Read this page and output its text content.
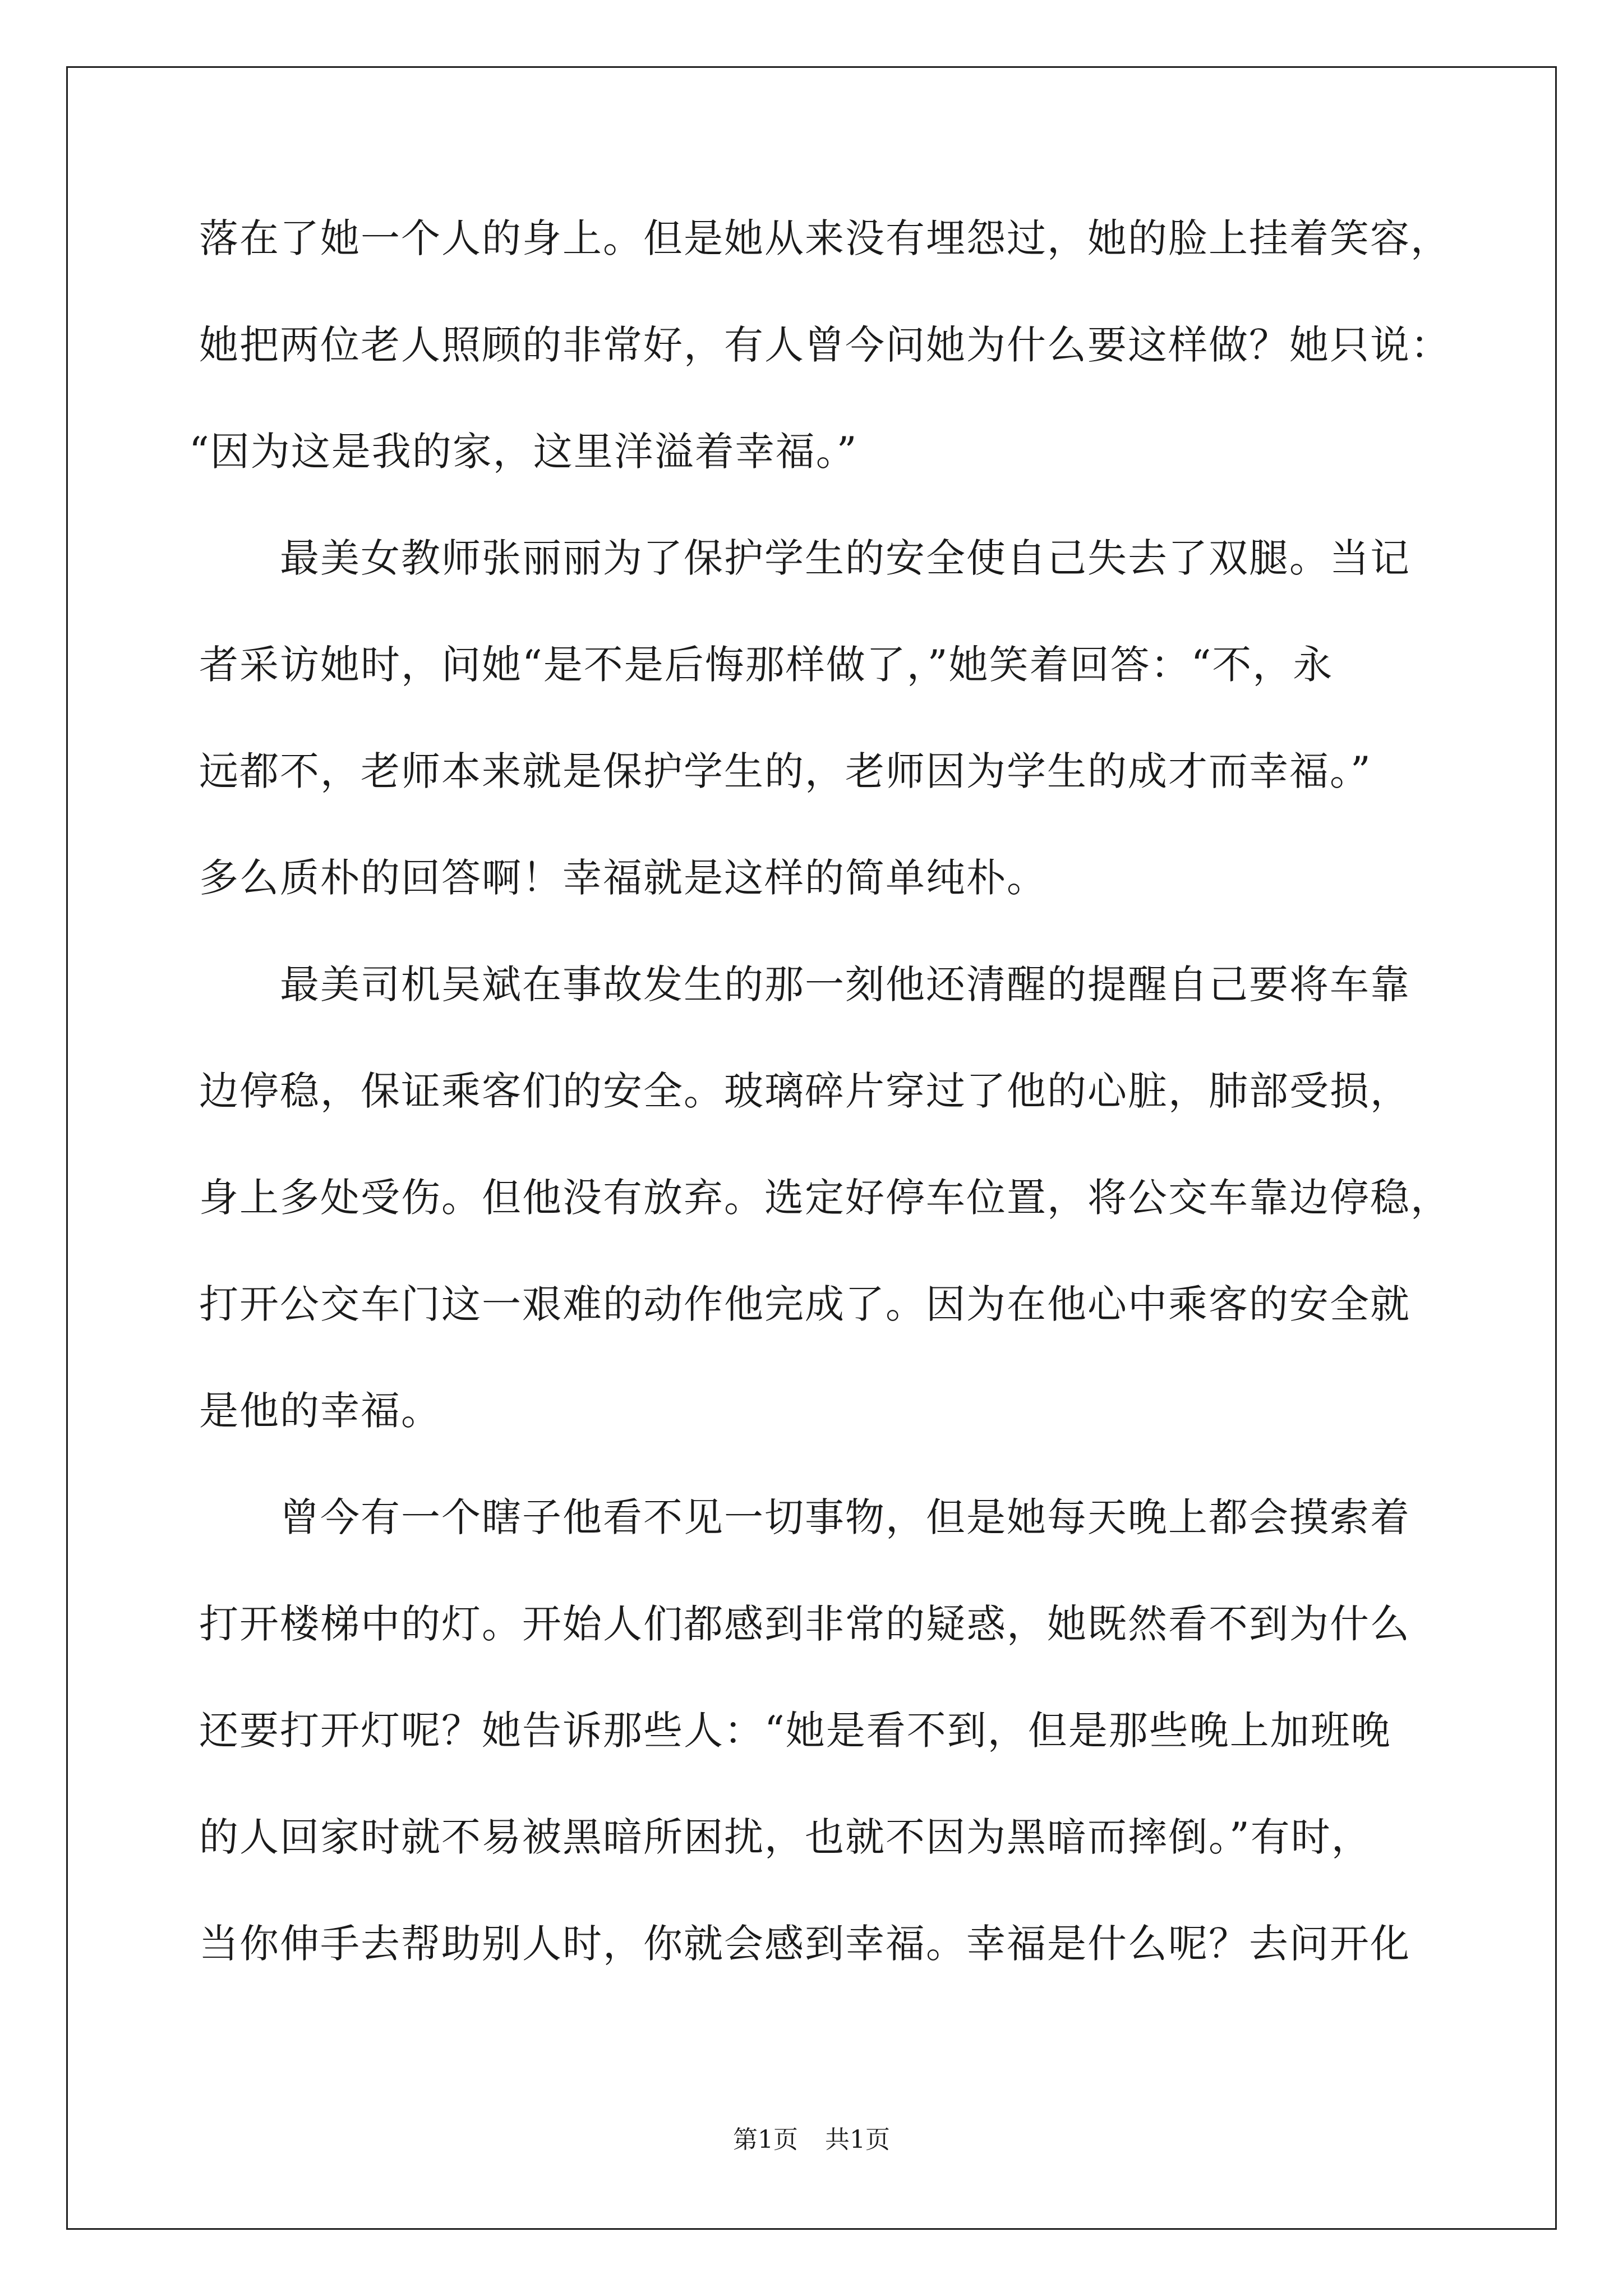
落在了她一个人的身上。但是她从来没有埋怨过，她的脸上挂着笑容，
她把两位老人照顾的非常好，有人曾今问她为什么要这样做？她只说：
“因为这是我的家，这里洋溢着幸福。”
　　最美女教师张丽丽为了保护学生的安全使自己失去了双腿。当记
者采访她时，问她“是不是后悔那样做了，”她笑着回答：“不，永
远都不，老师本来就是保护学生的，老师因为学生的成才而幸福。”
多么质朴的回答啊！幸福就是这样的简单纯朴。
　　最美司机吴斌在事故发生的那一刻他还清醒的提醒自己要将车靠
边停稳，保证乘客们的安全。玻璃碎片穿过了他的心脏，肺部受损，
身上多处受伤。但他没有放弃。选定好停车位置，将公交车靠边停稳，
打开公交车门这一艰难的动作他完成了。因为在他心中乘客的安全就
是他的幸福。
　　曾今有一个瞎子他看不见一切事物，但是她每天晚上都会摸索着
打开楼梯中的灯。开始人们都感到非常的疑惑，她既然看不到为什么
还要打开灯呢？她告诉那些人：“她是看不到，但是那些晚上加班晚
的人回家时就不易被黑暗所困扰，也就不因为黑暗而摔倒。”有时，
当你伸手去帮助别人时，你就会感到幸福。幸福是什么呢？去问开化
第1页 共1页
